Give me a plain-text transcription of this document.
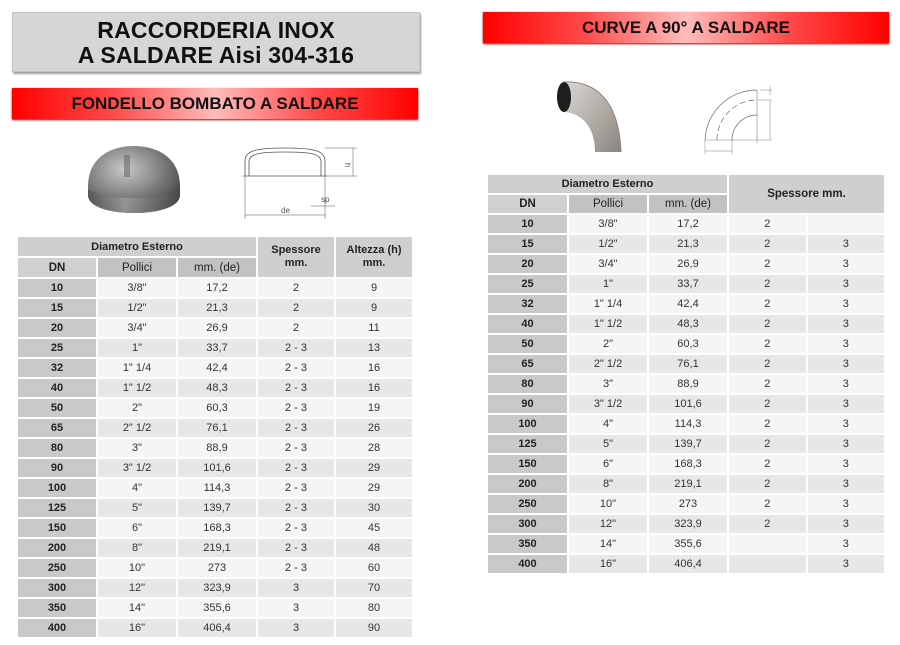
RACCORDERIA INOX
A SALDARE Aisi 304-316
FONDELLO BOMBATO A SALDARE
h
de
sp
Diametro Esterno			Spessore
mm.	Altezza (h)
mm.
DN	Pollici	mm. (de)		
10	3/8"	17,2	2	9
15	1/2"	21,3	2	9
20	3/4"	26,9	2	11
25	1"	33,7	2 - 3	13
32	1" 1/4	42,4	2 - 3	16
40	1" 1/2	48,3	2 - 3	16
50	2"	60,3	2 - 3	19
65	2" 1/2	76,1	2 - 3	26
80	3"	88,9	2 - 3	28
90	3" 1/2	101,6	2 - 3	29
100	4"	114,3	2 - 3	29
125	5"	139,7	2 - 3	30
150	6"	168,3	2 - 3	45
200	8"	219,1	2 - 3	48
250	10"	273	2 - 3	60
300	12"	323,9	3	70
350	14"	355,6	3	80
400	16"	406,4	3	90
CURVE A 90° A SALDARE
Diametro Esterno			Spessore mm.	
DN	Pollici	mm. (de)		
10	3/8"	17,2	2	
15	1/2"	21,3	2	3
20	3/4"	26,9	2	3
25	1"	33,7	2	3
32	1" 1/4	42,4	2	3
40	1" 1/2	48,3	2	3
50	2"	60,3	2	3
65	2" 1/2	76,1	2	3
80	3"	88,9	2	3
90	3" 1/2	101,6	2	3
100	4"	114,3	2	3
125	5"	139,7	2	3
150	6"	168,3	2	3
200	8"	219,1	2	3
250	10"	273	2	3
300	12"	323,9	2	3
350	14"	355,6		3
400	16"	406,4		3
